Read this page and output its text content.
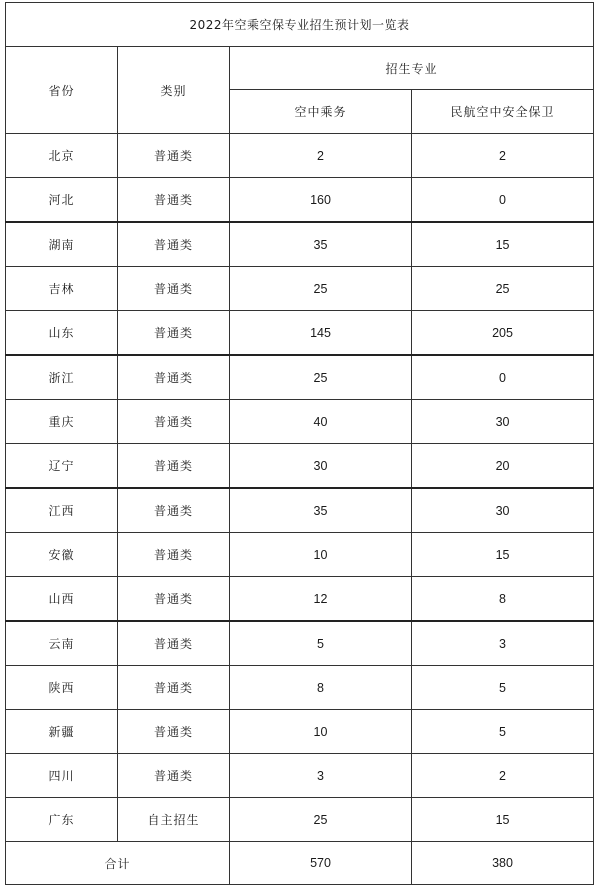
2022年空乘空保专业招生预计划一览表			
省份	类别	招生专业	
		空中乘务	民航空中安全保卫
北京	普通类	2	2
河北	普通类	160	0
湖南	普通类	35	15
吉林	普通类	25	25
山东	普通类	145	205
浙江	普通类	25	0
重庆	普通类	40	30
辽宁	普通类	30	20
江西	普通类	35	30
安徽	普通类	10	15
山西	普通类	12	8
云南	普通类	5	3
陕西	普通类	8	5
新疆	普通类	10	5
四川	普通类	3	2
广东	自主招生	25	15
合计		570	380
